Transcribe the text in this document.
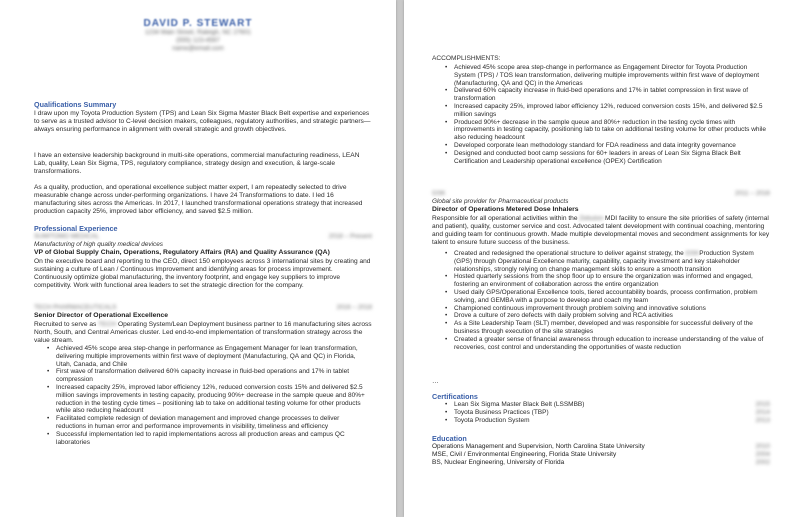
DAVID P. STEWART
1234 Main Street, Raleigh, NC 27601
(555) 123-4567
name@email.com
Qualifications Summary
I draw upon my Toyota Production System (TPS) and Lean Six Sigma Master Black Belt expertise and experiences to serve as a trusted advisor to C-level decision makers, colleagues, regulatory authorities, and strategic partners—always ensuring performance in alignment with overall strategic and growth objectives.
I have an extensive leadership background in multi-site operations, commercial manufacturing readiness, LEAN Lab, quality, Lean Six Sigma, TPS, regulatory compliance, strategy design and execution, & large-scale transformations.
As a quality, production, and operational excellence subject matter expert, I am repeatedly selected to drive measurable change across under-performing organizations. I have 24 Transformations to date. I led 16 manufacturing sites across the Americas. In 2017, I launched transformational operations strategy that increased production capacity 25%, improved labor efficiency, and saved $2.5 million.
Professional Experience
SUMITOMO MEDICAL	2018 – Present
Manufacturing of high quality medical devices
VP of Global Supply Chain, Operations, Regulatory Affairs (RA) and Quality Assurance (QA)
On the executive board and reporting to the CEO, direct 150 employees across 3 international sites by creating and sustaining a culture of Lean / Continuous Improvement and identifying areas for process improvement. Continuously optimize global manufacturing, the inventory footprint, and engage key suppliers to improve competitivity. Work with functional area leaders to set the strategic direction for the company.
TECH PHARMACEUTICALS	2016 – 2018
Senior Director of Operational Excellence
Recruited to serve as TECH Operating System/Lean Deployment business partner to 16 manufacturing sites across North, South, and Central Americas cluster. Led end-to-end implementation of transformation strategy across the value stream.
• Achieved 45% scope area step-change in performance as Engagement Manager for lean transformation, delivering multiple improvements within first wave of deployment (Manufacturing, QA and QC) in Florida, Utah, Canada, and Chile
• First wave of transformation delivered 60% capacity increase in fluid-bed operations and 17% in tablet compression
• Increased capacity 25%, improved labor efficiency 12%, reduced conversion costs 15% and delivered $2.5 million savings improvements in testing capacity, producing 90%+ decrease in the sample queue and 80%+ reduction in the testing cycle times – positioning lab to take on additional testing volume for other products while also reducing headcount
• Facilitated complete redesign of deviation management and improved change processes to deliver reductions in human error and performance improvements in visibility, timeliness and efficiency
• Successful implementation led to rapid implementations across all production areas and campus QC laboratories
ACCOMPLISHMENTS:
• Achieved 45% scope area step-change in performance as Engagement Director for Toyota Production System (TPS) / TOS lean transformation, delivering multiple improvements within first wave of deployment (Manufacturing, QA and QC) in the Americas
• Delivered 60% capacity increase in fluid-bed operations and 17% in tablet compression in first wave of transformation
• Increased capacity 25%, improved labor efficiency 12%, reduced conversion costs 15%, and delivered $2.5 million savings
• Produced 90%+ decrease in the sample queue and 80%+ reduction in the testing cycle times with improvements in testing capacity, positioning lab to take on additional testing volume for other products while also reducing headcount
• Developed corporate lean methodology standard for FDA readiness and data integrity governance
• Designed and conducted boot camp sessions for 60+ leaders in areas of Lean Six Sigma Black Belt Certification and Leadership operational excellence (OPEX) Certification
GSK	2011 – 2016
Global site provider for Pharmaceutical products
Director of Operations Metered Dose Inhalers
Responsible for all operational activities within the Zebulon MDI facility to ensure the site priorities of safety (internal and patient), quality, customer service and cost. Advocated talent development with continual coaching, mentoring and guiding team for continuous growth. Made multiple developmental moves and secondment assignments for key talent to ensure future success of the business.
• Created and redesigned the operational structure to deliver against strategy, the GSKProduction System (GPS) through Operational Excellence maturity, capability, capacity investment and key stakeholder relationships, strongly relying on change management skills to ensure a smooth transition
• Hosted quarterly sessions from the shop floor up to ensure the organization was informed and engaged, fostering an environment of collaboration across the entire organization
• Used daily GPS/Operational Excellence tools, tiered accountability boards, process confirmation, problem solving, and GEMBA with a purpose to develop and coach my team
• Championed continuous improvement through problem solving and innovative solutions
• Drove a culture of zero defects with daily problem solving and RCA activities
• As a Site Leadership Team (SLT) member, developed and was responsible for successful delivery of the business through execution of the site strategies
• Created a greater sense of financial awareness through education to increase understanding of the value of recoveries, cost control and understanding the opportunities of waste reduction
…
Certifications
• Lean Six Sigma Master Black Belt (LSSMBB)	2015
• Toyota Business Practices (TBP)	2014
• Toyota Production System	2013
Education
Operations Management and Supervision, North Carolina State University	2010
MSE, Civil / Environmental Engineering, Florida State University	2004
BS, Nuclear Engineering, University of Florida	2002
